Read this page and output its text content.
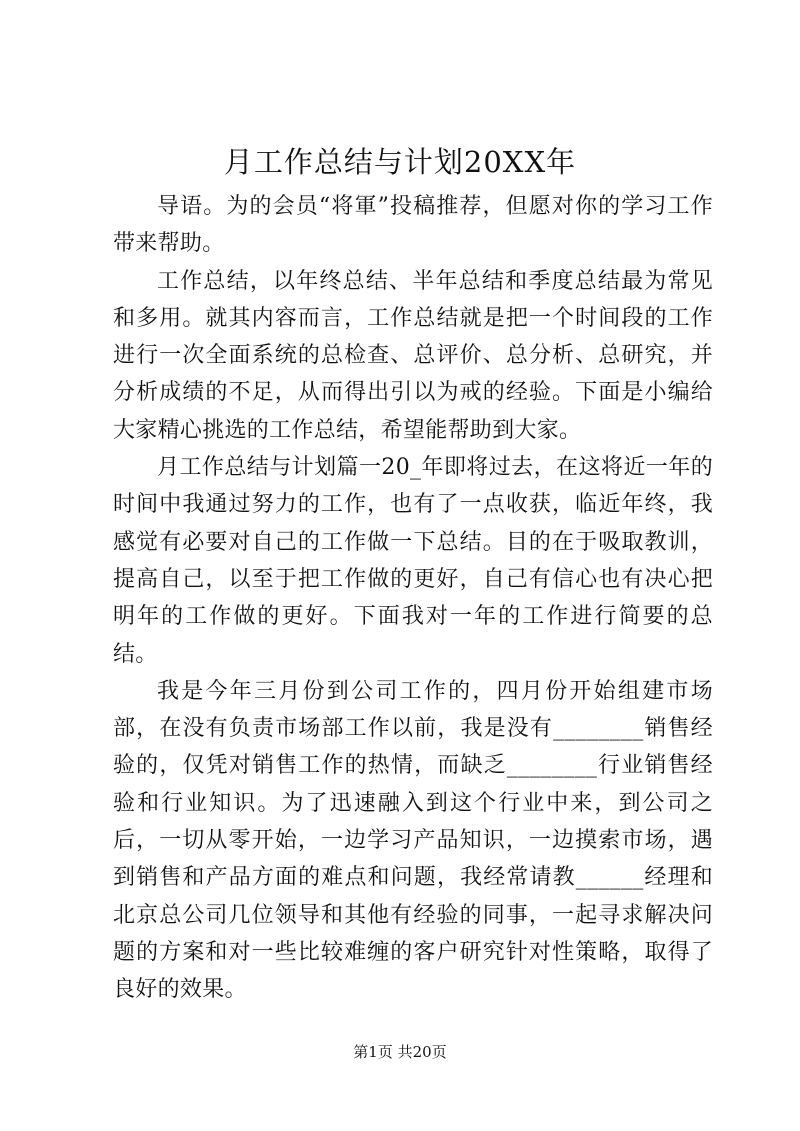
月工作总结与计划20XX年

导语。为的会员“将軍”投稿推荐，但愿对你的学习工作带来帮助。

工作总结，以年终总结、半年总结和季度总结最为常见和多用。就其内容而言，工作总结就是把一个时间段的工作进行一次全面系统的总检查、总评价、总分析、总研究，并分析成绩的不足，从而得出引以为戒的经验。下面是小编给大家精心挑选的工作总结，希望能帮助到大家。

月工作总结与计划篇一20_年即将过去，在这将近一年的时间中我通过努力的工作，也有了一点收获，临近年终，我感觉有必要对自己的工作做一下总结。目的在于吸取教训，提高自己，以至于把工作做的更好，自己有信心也有决心把明年的工作做的更好。下面我对一年的工作进行简要的总结。

我是今年三月份到公司工作的，四月份开始组建市场部，在没有负责市场部工作以前，我是没有________销售经验的，仅凭对销售工作的热情，而缺乏________行业销售经验和行业知识。为了迅速融入到这个行业中来，到公司之后，一切从零开始，一边学习产品知识，一边摸索市场，遇到销售和产品方面的难点和问题，我经常请教______经理和北京总公司几位领导和其他有经验的同事，一起寻求解决问题的方案和对一些比较难缠的客户研究针对性策略，取得了良好的效果。

第1页 共20页
